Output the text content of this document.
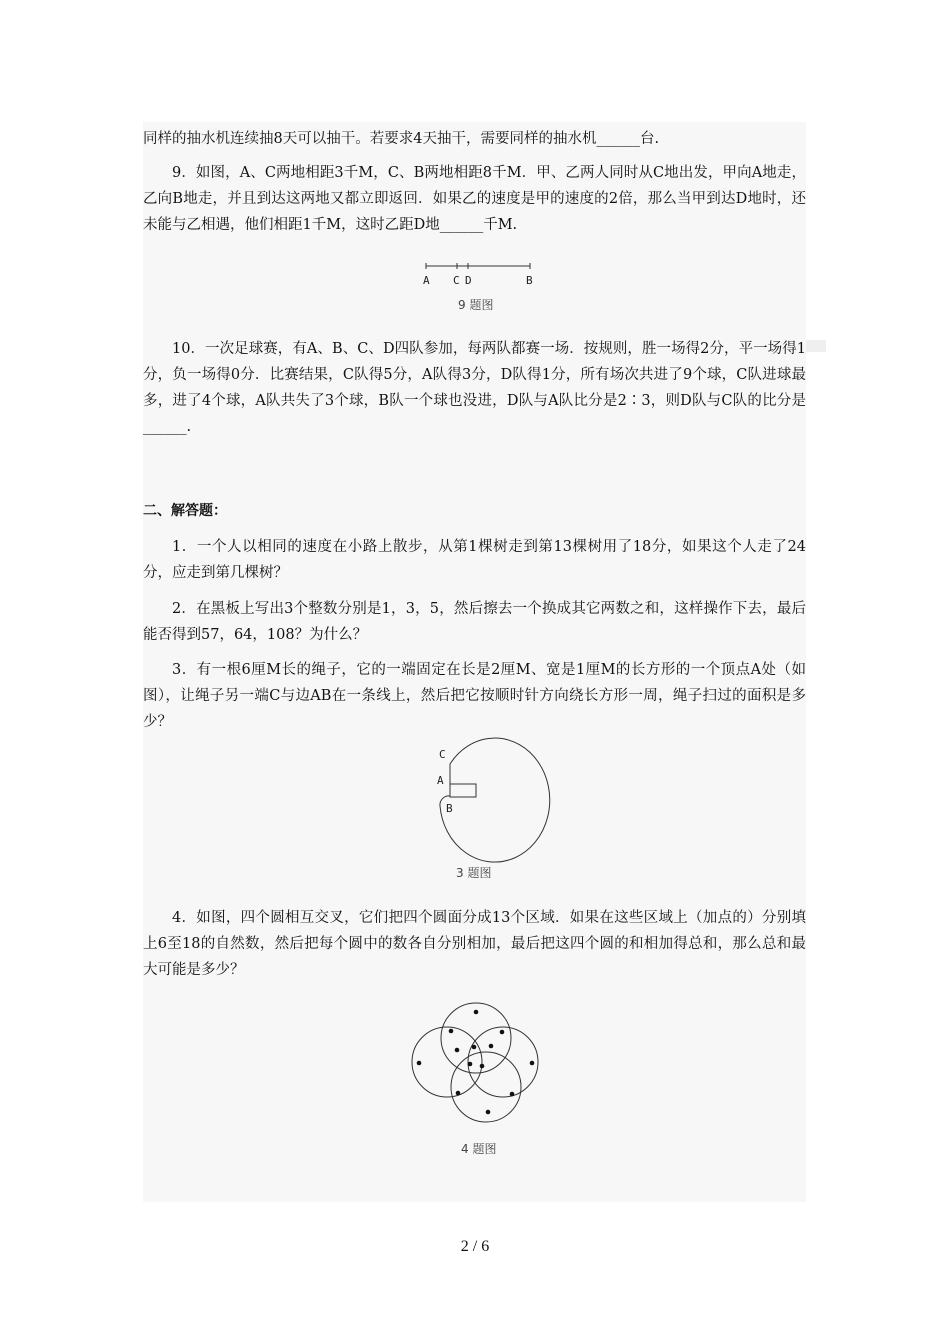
同样的抽水机连续抽8天可以抽干。若要求4天抽干，需要同样的抽水机______台.

9．如图，A、C两地相距3千M，C、B两地相距8千M．甲、乙两人同时从C地出发，甲向A地走，乙向B地走，并且到达这两地又都立即返回．如果乙的速度是甲的速度的2倍，那么当甲到达D地时，还未能与乙相遇，他们相距1千M，这时乙距D地______千M.

A C D	B
9 题图

10．一次足球赛，有A、B、C、D四队参加，每两队都赛一场．按规则，胜一场得2分，平一场得1分，负一场得0分．比赛结果，C队得5分，A队得3分，D队得1分，所有场次共进了9个球，C队进球最多，进了4个球，A队共失了3个球，B队一个球也没进，D队与A队比分是2∶3，则D队与C队的比分是______.

二、解答题：

1．一个人以相同的速度在小路上散步，从第1棵树走到第13棵树用了18分，如果这个人走了24分，应走到第几棵树？

2．在黑板上写出3个整数分别是1，3，5，然后擦去一个换成其它两数之和，这样操作下去，最后能否得到57，64，108？为什么？

3．有一根6厘M长的绳子，它的一端固定在长是2厘M、宽是1厘M的长方形的一个顶点A处（如图），让绳子另一端C与边AB在一条线上，然后把它按顺时针方向绕长方形一周，绳子扫过的面积是多少？

C
A
B
3 题图

4．如图，四个圆相互交叉，它们把四个圆面分成13个区域．如果在这些区域上（加点的）分别填上6至18的自然数，然后把每个圆中的数各自分别相加，最后把这四个圆的和相加得总和，那么总和最大可能是多少？

4 题图
2 / 6
